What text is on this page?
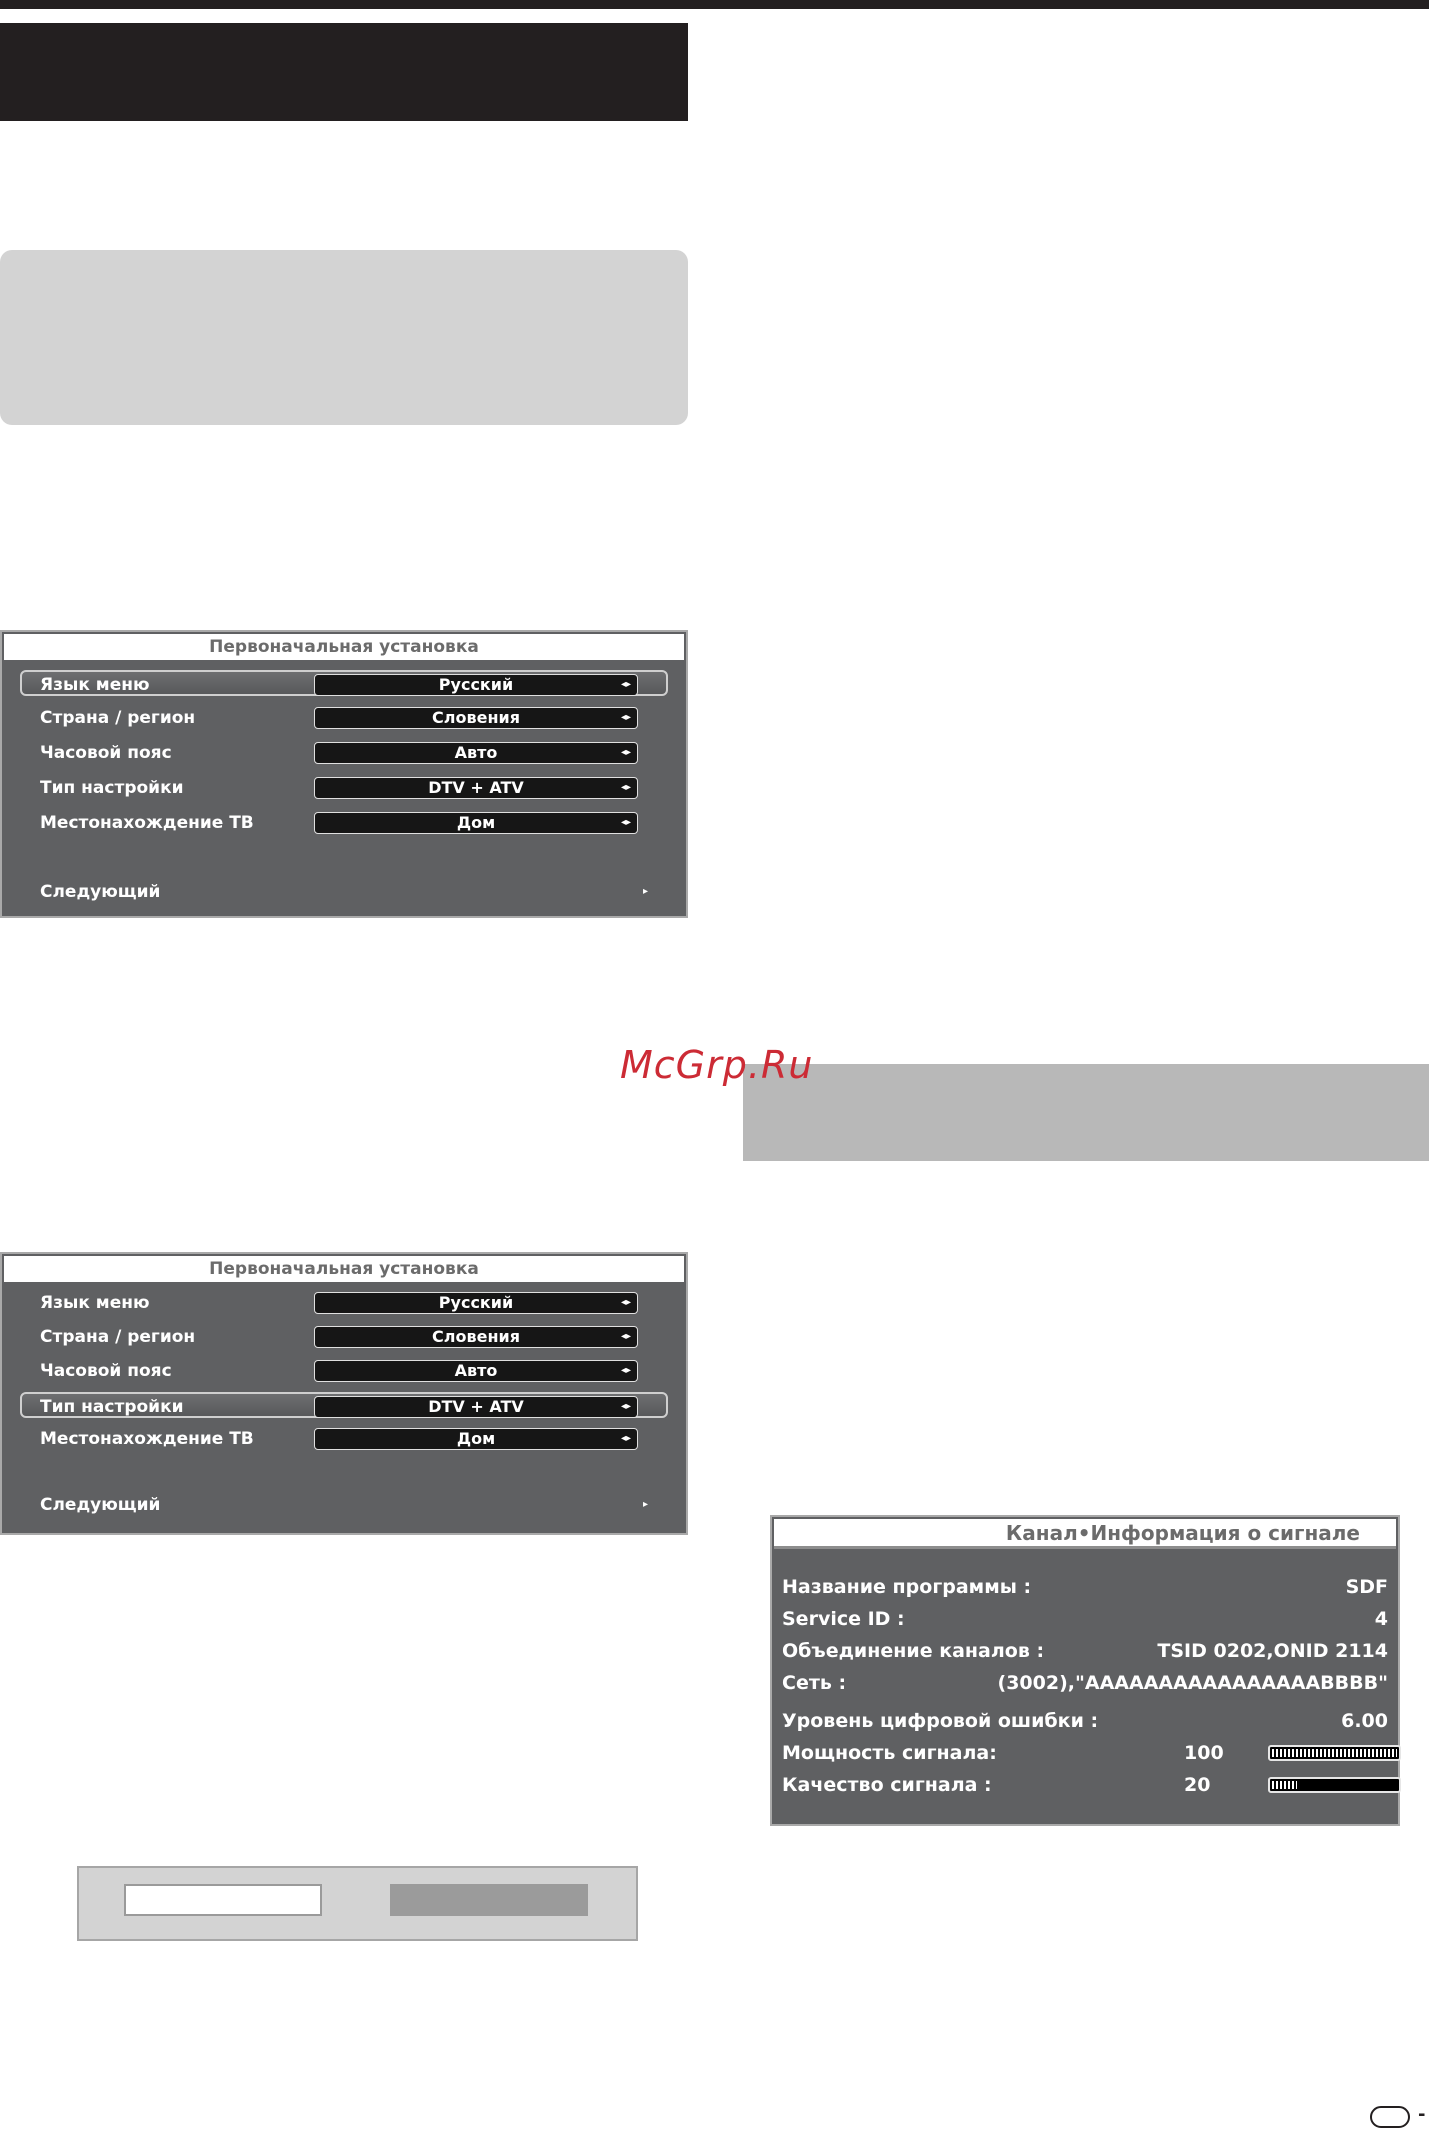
McGrp.Ru
Первоначальная установка
Язык меню	Русский	◂▸
Страна / регион	Словения	◂▸
Часовой пояс	Авто	◂▸
Тип настройки	DTV + ATV	◂▸
Местонахождение ТВ	Дом	◂▸
Следующий	▸
Первоначальная установка
Язык меню	Русский	◂▸
Страна / регион	Словения	◂▸
Часовой пояс	Авто	◂▸
Тип настройки	DTV + ATV	◂▸
Местонахождение ТВ	Дом	◂▸
Следующий	▸
Канал•Информация о сигнале
Название программы :	SDF
Service ID :	4
Объединение каналов :	TSID 0202,ONID 2114
Сеть :	(3002),"AAAAAAAAAAAAAAAABBBB"
Уровень цифровой ошибки :	6.00
Мощность сигнала:	100
Качество сигнала :	20
-
